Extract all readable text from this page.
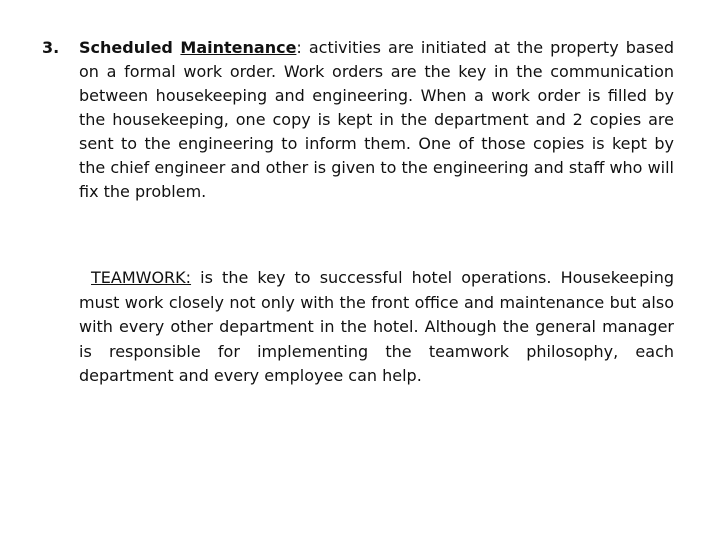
3. Scheduled Maintenance: activities are initiated at the property based on a formal work order. Work orders are the key in the communication between housekeeping and engineering. When a work order is filled by the housekeeping, one copy is kept in the department and 2 copies are sent to the engineering to inform them. One of those copies is kept by the chief engineer and other is given to the engineering and staff who will fix the problem.
TEAMWORK: is the key to successful hotel operations. Housekeeping must work closely not only with the front office and maintenance but also with every other department in the hotel. Although the general manager is responsible for implementing the teamwork philosophy, each department and every employee can help.
